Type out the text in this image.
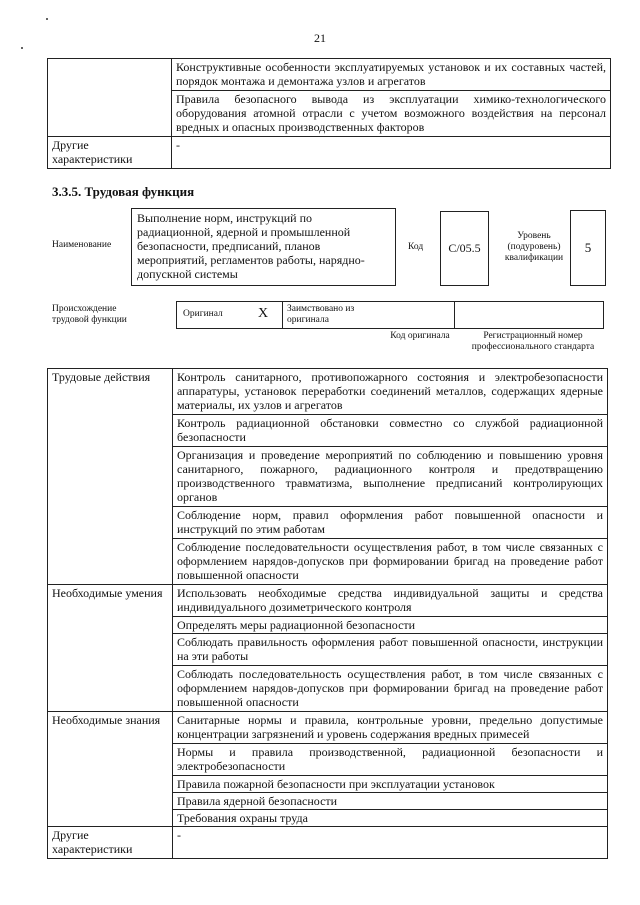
21
	Конструктивные особенности эксплуатируемых установок и их составных частей, порядок монтажа и демонтажа узлов и агрегатов
	Правила безопасного вывода из эксплуатации химико-технологического оборудования атомной отрасли с учетом возможного воздействия на персонал вредных и опасных производственных факторов
Другие характеристики	-
3.3.5. Трудовая функция
Наименование
Выполнение норм, инструкций по радиационной, ядерной и промышленной безопасности, предписаний, планов мероприятий, регламентов работы, нарядно-допускной системы
Код	C/05.5
Уровень (подуровень) квалификации
5
Происхождение трудовой функции
Оригинал	X Заимствовано из оригинала
Код оригинала	Регистрационный номер профессионального стандарта
Трудовые действия	Контроль санитарного, противопожарного состояния и электробезопасности аппаратуры, установок переработки соединений металлов, содержащих ядерные материалы, их узлов и агрегатов
	Контроль радиационной обстановки совместно со службой радиационной безопасности
	Организация и проведение мероприятий по соблюдению и повышению уровня санитарного, пожарного, радиационного контроля и предотвращению производственного травматизма, выполнение предписаний контролирующих органов
	Соблюдение норм, правил оформления работ повышенной опасности и инструкций по этим работам
	Соблюдение последовательности осуществления работ, в том числе связанных с оформлением нарядов-допусков при формировании бригад на проведение работ повышенной опасности
Необходимые умения	Использовать необходимые средства индивидуальной защиты и средства индивидуального дозиметрического контроля
	Определять меры радиационной безопасности
	Соблюдать правильность оформления работ повышенной опасности, инструкции на эти работы
	Соблюдать последовательность осуществления работ, в том числе связанных с оформлением нарядов-допусков при формировании бригад на проведение работ повышенной опасности
Необходимые знания	Санитарные нормы и правила, контрольные уровни, предельно допустимые концентрации загрязнений и уровень содержания вредных примесей
	Нормы и правила производственной, радиационной безопасности и электробезопасности
	Правила пожарной безопасности при эксплуатации установок
	Правила ядерной безопасности
	Требования охраны труда
Другие характеристики	-
